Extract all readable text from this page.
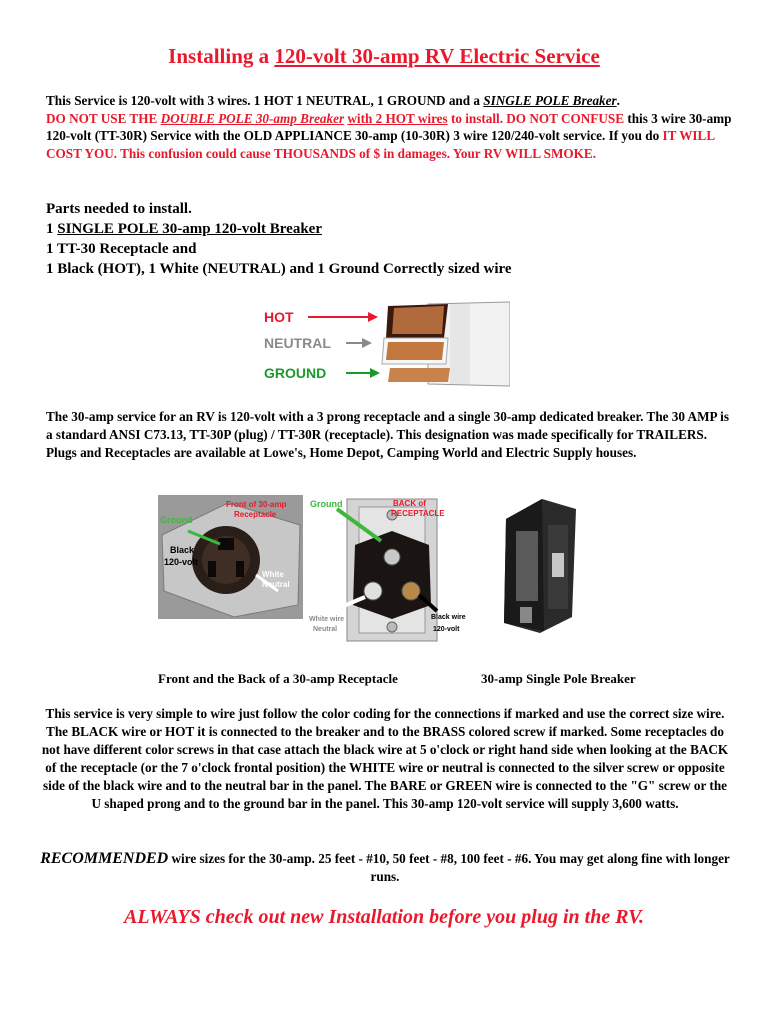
Installing a 120-volt 30-amp RV Electric Service
This Service is 120-volt with 3 wires. 1 HOT 1 NEUTRAL, 1 GROUND and a SINGLE POLE Breaker.
DO NOT USE THE DOUBLE POLE 30-amp Breaker with 2 HOT wires to install. DO NOT CONFUSE this 3 wire 30-amp 120-volt (TT-30R) Service with the OLD APPLIANCE 30-amp (10-30R) 3 wire 120/240-volt service. If you do IT WILL COST YOU. This confusion could cause THOUSANDS of $ in damages. Your RV WILL SMOKE.
Parts needed to install.
1 SINGLE POLE 30-amp 120-volt Breaker
1 TT-30 Receptacle and
1 Black (HOT), 1 White (NEUTRAL) and 1 Ground Correctly sized wire
HOT
NEUTRAL
GROUND
The 30-amp service for an RV is 120-volt with a 3 prong receptacle and a single 30-amp dedicated breaker. The 30 AMP is a standard ANSI C73.13, TT-30P (plug) / TT-30R (receptacle). This designation was made specifically for TRAILERS. Plugs and Receptacles are available at Lowe's, Home Depot, Camping World and Electric Supply houses.
Ground
Front of 30-amp
Receptacle
Black
120-volt
White
Neutral
Ground	BACK of
RECEPTACLE
White wire
Neutral
Black wire
120-volt
Front and the Back of a 30-amp Receptacle	30-amp Single Pole Breaker
This service is very simple to wire just follow the color coding for the connections if marked and use the correct size wire. The BLACK wire or HOT it is connected to the breaker and to the BRASS colored screw if marked. Some receptacles do not have different color screws in that case attach the black wire at 5 o'clock or right hand side when looking at the BACK of the receptacle (or the 7 o'clock frontal position) the WHITE wire or neutral is connected to the silver screw or opposite side of the black wire and to the neutral bar in the panel. The BARE or GREEN wire is connected to the "G" screw or the U shaped prong and to the ground bar in the panel. This 30-amp 120-volt service will supply 3,600 watts.
RECOMMENDED wire sizes for the 30-amp. 25 feet - #10, 50 feet - #8, 100 feet - #6. You may get along fine with longer runs.
ALWAYS check out new Installation before you plug in the RV.
